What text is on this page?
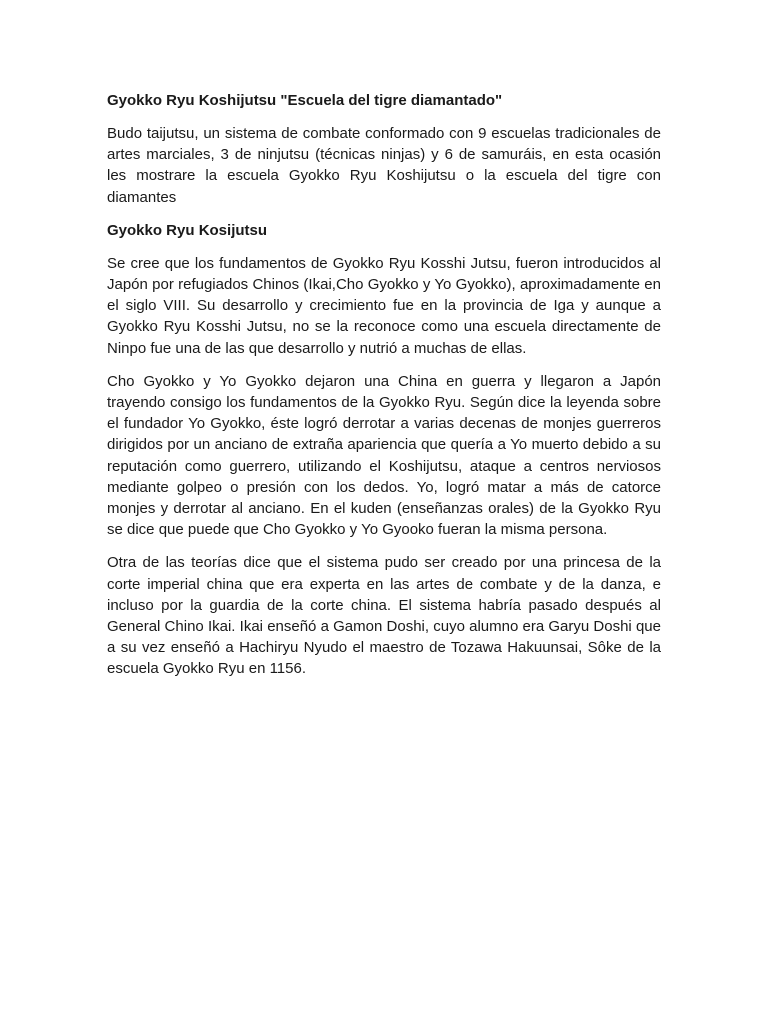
Gyokko Ryu Koshijutsu "Escuela del tigre diamantado"

Budo taijutsu, un sistema de combate conformado con 9 escuelas tradicionales de artes marciales, 3 de ninjutsu (técnicas ninjas) y 6 de samuráis, en esta ocasión les mostrare la escuela Gyokko Ryu Koshijutsu o la escuela del tigre con diamantes

Gyokko Ryu Kosijutsu

Se cree que los fundamentos de Gyokko Ryu Kosshi Jutsu, fueron introducidos al Japón por refugiados Chinos (Ikai,Cho Gyokko y Yo Gyokko), aproximadamente en el siglo VIII. Su desarrollo y crecimiento fue en la provincia de Iga y aunque a Gyokko Ryu Kosshi Jutsu, no se la reconoce como una escuela directamente de Ninpo fue una de las que desarrollo y nutrió a muchas de ellas.

Cho Gyokko y Yo Gyokko dejaron una China en guerra y llegaron a Japón trayendo consigo los fundamentos de la Gyokko Ryu. Según dice la leyenda sobre el fundador Yo Gyokko, éste logró derrotar a varias decenas de monjes guerreros dirigidos por un anciano de extraña apariencia que quería a Yo muerto debido a su reputación como guerrero, utilizando el Koshijutsu, ataque a centros nerviosos mediante golpeo o presión con los dedos. Yo, logró matar a más de catorce monjes y derrotar al anciano. En el kuden (enseñanzas orales) de la Gyokko Ryu se dice que puede que Cho Gyokko y Yo Gyooko fueran la misma persona.

Otra de las teorías dice que el sistema pudo ser creado por una princesa de la corte imperial china que era experta en las artes de combate y de la danza, e incluso por la guardia de la corte china. El sistema habría pasado después al General Chino Ikai. Ikai enseñó a Gamon Doshi, cuyo alumno era Garyu Doshi que a su vez enseñó a Hachiryu Nyudo el maestro de Tozawa Hakuunsai, Sôke de la escuela Gyokko Ryu en 1156.
